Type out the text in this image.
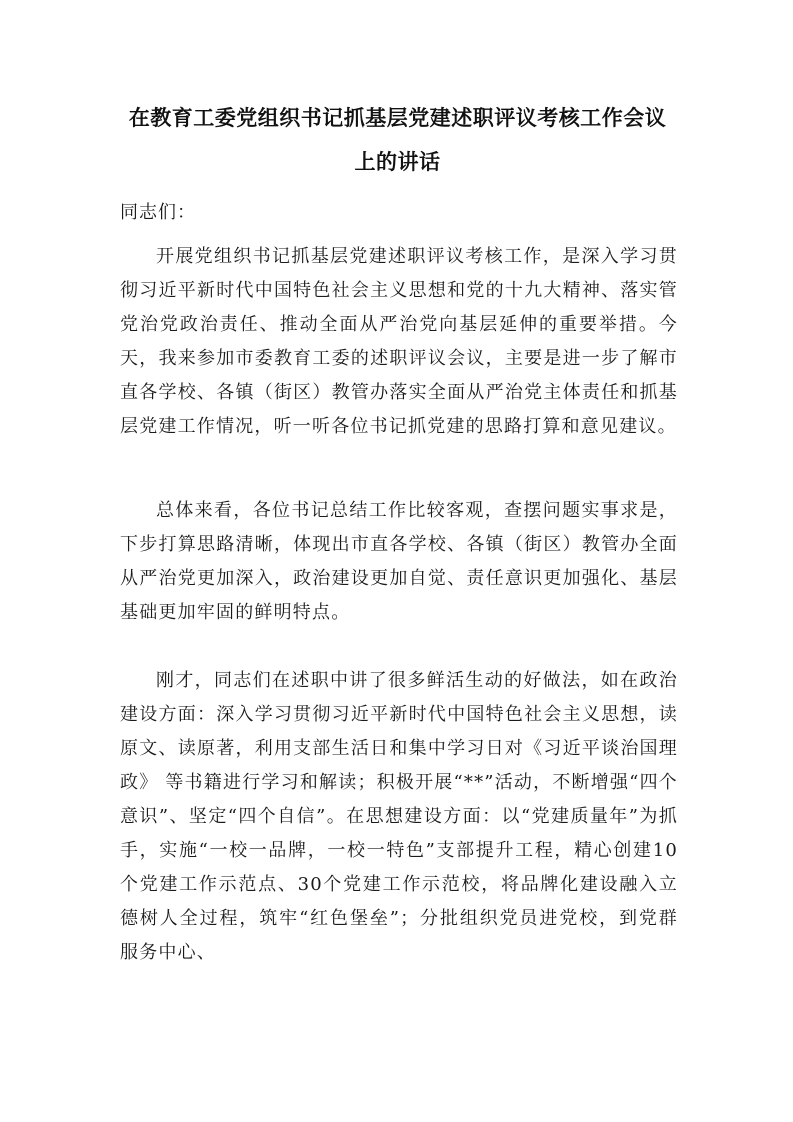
在教育工委党组织书记抓基层党建述职评议考核工作会议
上的讲话
同志们：

开展党组织书记抓基层党建述职评议考核工作，是深入学习贯彻习近平新时代中国特色社会主义思想和党的十九大精神、落实管党治党政治责任、推动全面从严治党向基层延伸的重要举措。今天，我来参加市委教育工委的述职评议会议，主要是进一步了解市直各学校、各镇（街区）教管办落实全面从严治党主体责任和抓基层党建工作情况，听一听各位书记抓党建的思路打算和意见建议。

总体来看，各位书记总结工作比较客观，查摆问题实事求是，下步打算思路清晰，体现出市直各学校、各镇（街区）教管办全面从严治党更加深入，政治建设更加自觉、责任意识更加强化、基层基础更加牢固的鲜明特点。

刚才，同志们在述职中讲了很多鲜活生动的好做法，如在政治建设方面：深入学习贯彻习近平新时代中国特色社会主义思想，读原文、读原著，利用支部生活日和集中学习日对《习近平谈治国理政》 等书籍进行学习和解读；积极开展“**”活动，不断增强“四个意识”、坚定“四个自信”。在思想建设方面：以“党建质量年”为抓手，实施“一校一品牌，一校一特色”支部提升工程，精心创建10个党建工作示范点、30个党建工作示范校，将品牌化建设融入立德树人全过程，筑牢“红色堡垒”；分批组织党员进党校，到党群服务中心、
